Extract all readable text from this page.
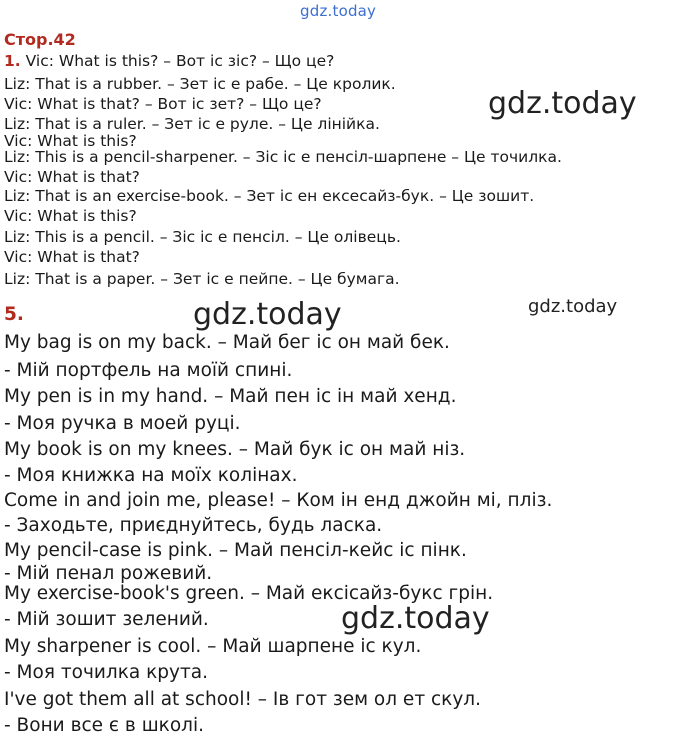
gdz.today
Стор.42
1. Vic: What is this? – Вот іс зіс? – Що це?
Liz: That is a rubber. – Зет іс е рабе. – Це кролик.
Vic: What is that? – Вот іс зет? – Що це?
Liz: That is a ruler. – Зет іс е руле. – Це лінійка.
Vic: What is this?
Liz: This is a pencil-sharpener. – Зіс іс е пенсіл-шарпене – Це точилка.
Vic: What is that?
Liz: That is an exercise-book. – Зет іс ен ексесайз-бук. – Це зошит.
Vic: What is this?
Liz: This is a pencil. – Зіс іс е пенсіл. – Це олівець.
Vic: What is that?
Liz: That is a paper. – Зет іс е пейпе. – Це бумага.
5.
My bag is on my back. – Май бег іс он май бек.
- Мій портфель на моїй спині.
My pen is in my hand. – Май пен іс ін май хенд.
- Моя ручка в моей руці.
My book is on my knees. – Май бук іс он май ніз.
- Моя книжка на моїх колінах.
Come in and join me, please! – Ком ін енд джойн мі, пліз.
- Заходьте, приєднуйтесь, будь ласка.
My pencil-case is pink. – Май пенсіл-кейс іс пінк.
- Мій пенал рожевий.
My exercise-book's green. – Май ексісайз-букс грін.
- Мій зошит зелений.
My sharpener is cool. – Май шарпене іс кул.
- Моя точилка крута.
I've got them all at school! – Ів гот зем ол ет скул.
- Вони все є в школі.
gdz.today
gdz.today	gdz.today
gdz.today
